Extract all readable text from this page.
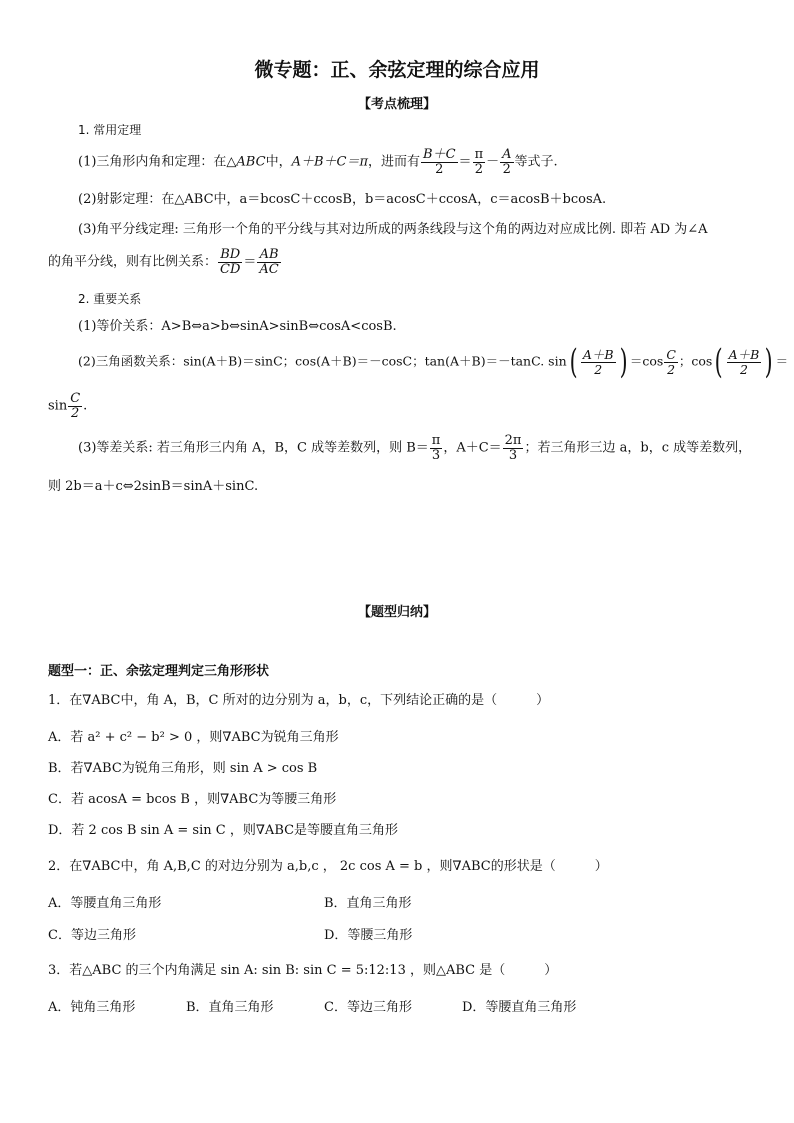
微专题：正、余弦定理的综合应用
【考点梳理】
1. 常用定理
(1)三角形内角和定理：在△ABC中，A＋B＋C＝π，进而有 $\frac{B+C}{2} = \frac{\pi}{2} - \frac{A}{2}$ 等式子.
(2)射影定理：在△ABC中，a＝bcosC＋ccosB，b＝acosC＋ccosA，c＝acosB＋bcosA.
(3)角平分线定理: 三角形一个角的平分线与其对边所成的两条线段与这个角的两边对应成比例. 即若 AD 为∠A
的角平分线，则有比例关系： $\frac{BD}{CD} = \frac{AB}{AC}$
2. 重要关系
(1)等价关系：A>B⇔a>b⇔sinA>sinB⇔cosA<cosB.
(2)三角函数关系：sin(A＋B)＝sinC；cos(A＋B)＝－cosC；tan(A＋B)＝－tanC. $\sin( \frac{A+B}{2}$ ) $=\cos \frac{C}{2}$ ；$\cos( \frac{A+B}{2}$ ) ＝
$\sin \frac{C}{2}$ .
(3)等差关系: 若三角形三内角 A，B，C 成等差数列，则 $B= \frac{\pi}{3}$ ，$A+C= \frac{2\pi}{3}$ ；若三角形三边 a，b，c 成等差数列，
则 2b＝a＋c⇔2sinB＝sinA＋sinC.
【题型归纳】
题型一：正、余弦定理判定三角形形状
1．在∇ABC中，角 A，B，C 所对的边分别为 a，b，c，下列结论正确的是（　　　）
A．若 a² + c² − b² > 0 ，则∇ABC为锐角三角形
B．若∇ABC为锐角三角形，则 sin A > cos B
C．若 acosA = bcos B ，则∇ABC为等腰三角形
D．若 2 cos B sin A = sin C ，则∇ABC是等腰直角三角形
2．在∇ABC中，角 A,B,C 的对边分别为 a,b,c ， 2c cos A = b ，则∇ABC的形状是（　　　）
A．等腰直角三角形	B．直角三角形
C．等边三角形	D．等腰三角形
3．若△ABC 的三个内角满足 sin A: sin B: sin C = 5:12:13 ，则△ABC 是（　　　）
A．钝角三角形	B．直角三角形	C．等边三角形	D．等腰直角三角形
